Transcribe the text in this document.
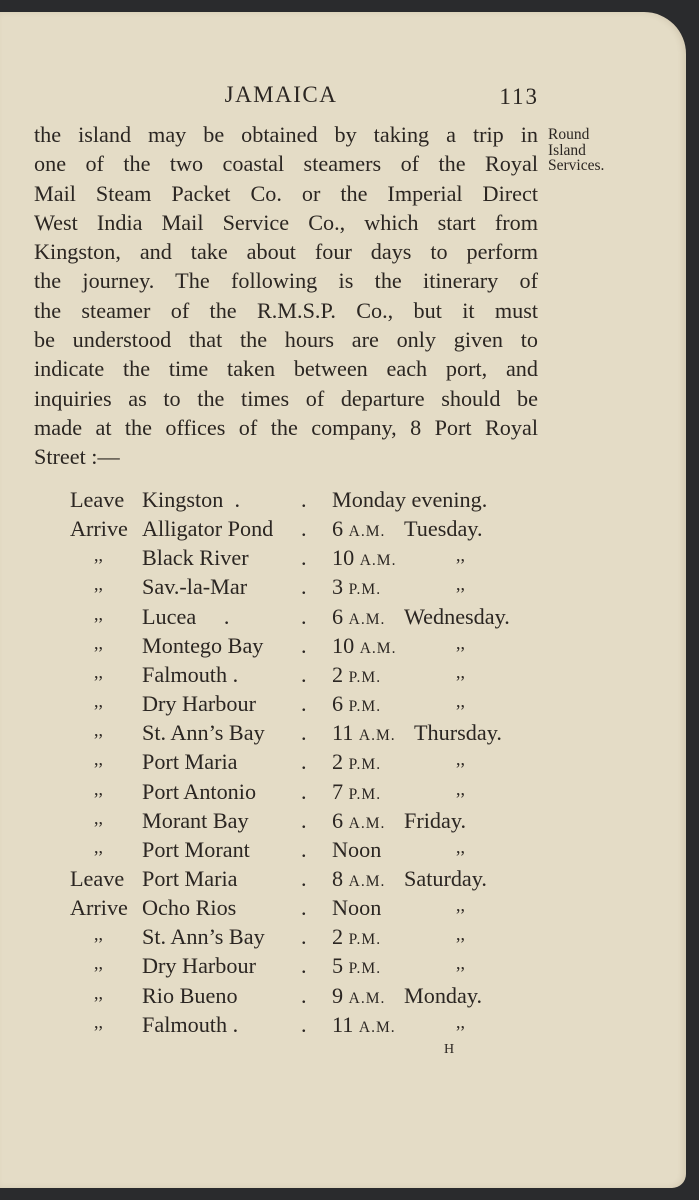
JAMAICA	113
the island may be obtained by taking a trip in
one of the two coastal steamers of the Royal
Mail Steam Packet Co. or the Imperial Direct
West India Mail Service Co., which start from
Kingston, and take about four days to perform
the journey. The following is the itinerary of
the steamer of the R.M.S.P. Co., but it must
be understood that the hours are only given to
indicate the time taken between each port, and
inquiries as to the times of departure should be
made at the offices of the company, 8 Port Royal
Street :—
Round
Island
Services.
Leave Kingston  .	. Monday evening.
Arrive Alligator Pond . 6 A.M. Tuesday.
,, Black River . 10 A.M.	,,
,, Sav.-la-Mar . 3 P.M.	,,
,, Lucea     .	. 6 A.M. Wednesday.
,, Montego Bay . 10 A.M.	,,
,, Falmouth .	. 2 P.M.	,,
,, Dry Harbour . 6 P.M.	,,
,, St. Ann’s Bay . 11 A.M. Thursday.
,, Port Maria	. 2 P.M.	,,
,, Port Antonio . 7 P.M.	,,
,, Morant Bay . 6 A.M. Friday.
,, Port Morant . Noon	,,
Leave Port Maria	. 8 A.M. Saturday.
Arrive Ocho Rios	. Noon	,,
,, St. Ann’s Bay . 2 P.M.	,,
,, Dry Harbour . 5 P.M.	,,
,, Rio Bueno	. 9 A.M. Monday.
,, Falmouth .	. 11 A.M.	,,
H
